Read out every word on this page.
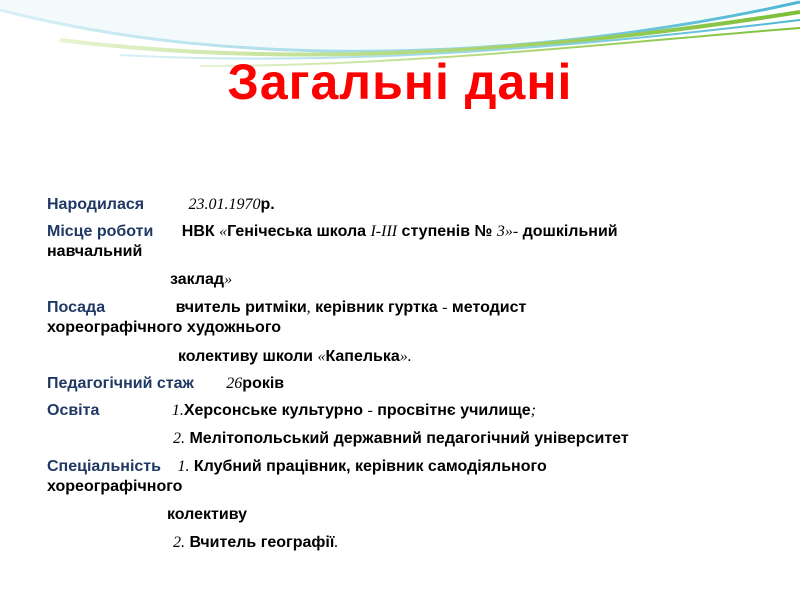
Загальні дані
Народилася	23.01.1970р.
Місце роботи НВК «Генічеська школа I-III ступенів № 3»- дошкільний
навчальний
заклад»
Посада	вчитель ритміки, керівник гуртка - методист
хореографічного художнього
колективу школи «Капелька».
Педагогічний стаж 26років
Освіта	1.Херсонське культурно - просвітнє училище;
2. Мелітопольський державний педагогічний університет
Спеціальність 1. Клубний працівник, керівник самодіяльного
хореографічного
колективу
2. Вчитель географії.
